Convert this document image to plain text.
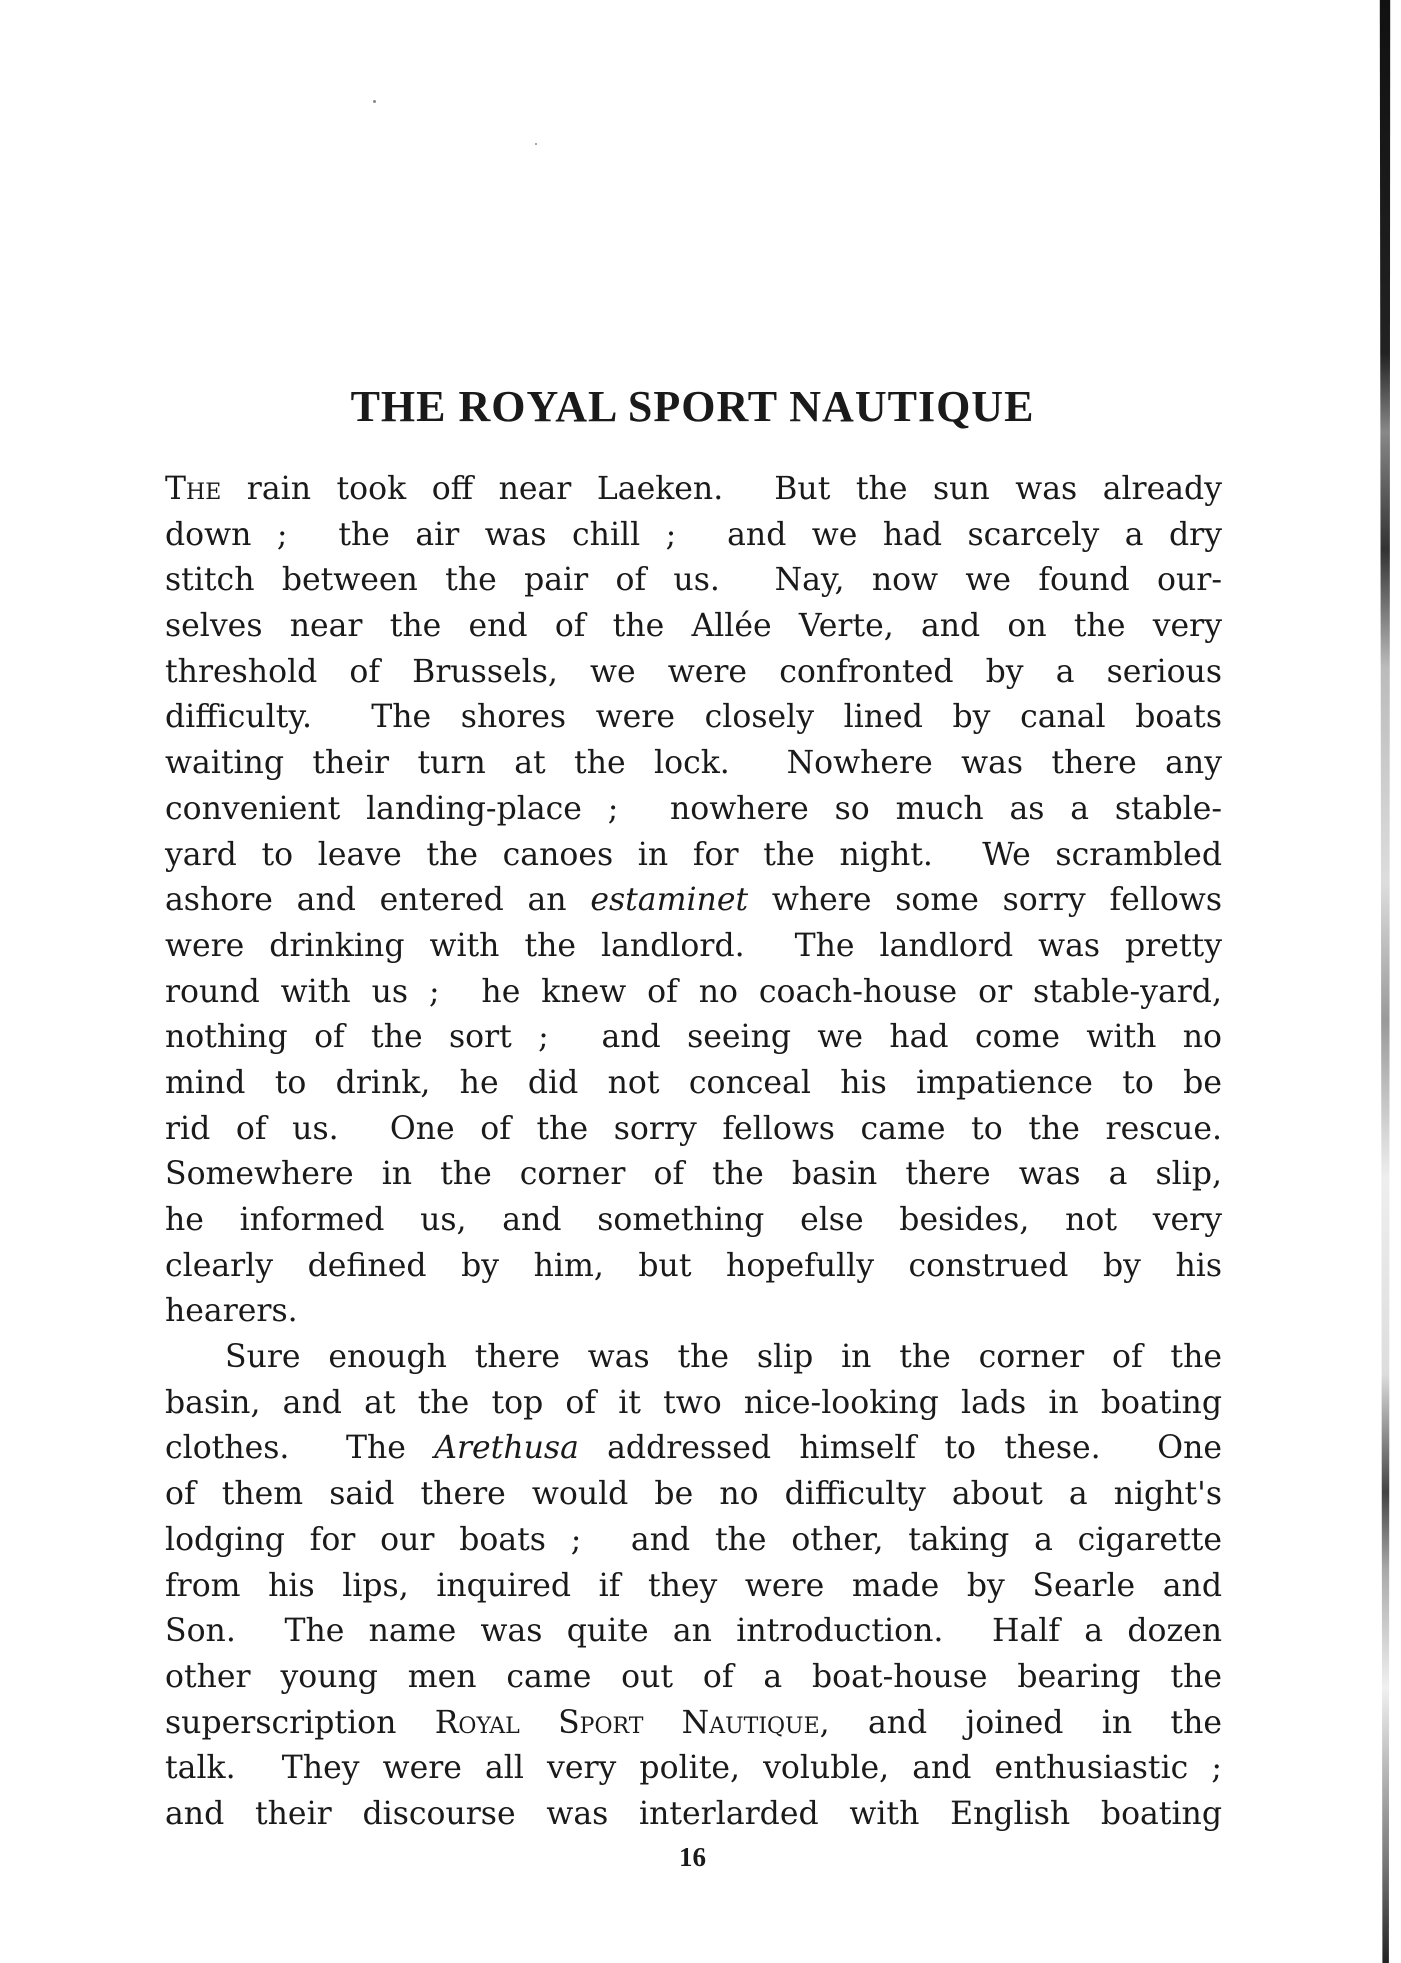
THE ROYAL SPORT NAUTIQUE
The rain took off near Laeken.  But the sun was already
down ;  the air was chill ;  and we had scarcely a dry
stitch between the pair of us.  Nay, now we found our-
selves near the end of the Allée Verte, and on the very
threshold of Brussels, we were confronted by a serious
difficulty.  The shores were closely lined by canal boats
waiting their turn at the lock.  Nowhere was there any
convenient landing-place ;  nowhere so much as a stable-
yard to leave the canoes in for the night.  We scrambled
ashore and entered an estaminet where some sorry fellows
were drinking with the landlord.  The landlord was pretty
round with us ;  he knew of no coach-house or stable-yard,
nothing of the sort ;  and seeing we had come with no
mind to drink, he did not conceal his impatience to be
rid of us.  One of the sorry fellows came to the rescue.
Somewhere in the corner of the basin there was a slip,
he informed us, and something else besides, not very
clearly defined by him, but hopefully construed by his
hearers.
Sure enough there was the slip in the corner of the
basin, and at the top of it two nice-looking lads in boating
clothes.  The Arethusa addressed himself to these.  One
of them said there would be no difficulty about a night's
lodging for our boats ;  and the other, taking a cigarette
from his lips, inquired if they were made by Searle and
Son.  The name was quite an introduction.  Half a dozen
other young men came out of a boat-house bearing the
superscription Royal Sport Nautique, and joined in the
talk.  They were all very polite, voluble, and enthusiastic ;
and their discourse was interlarded with English boating
16
